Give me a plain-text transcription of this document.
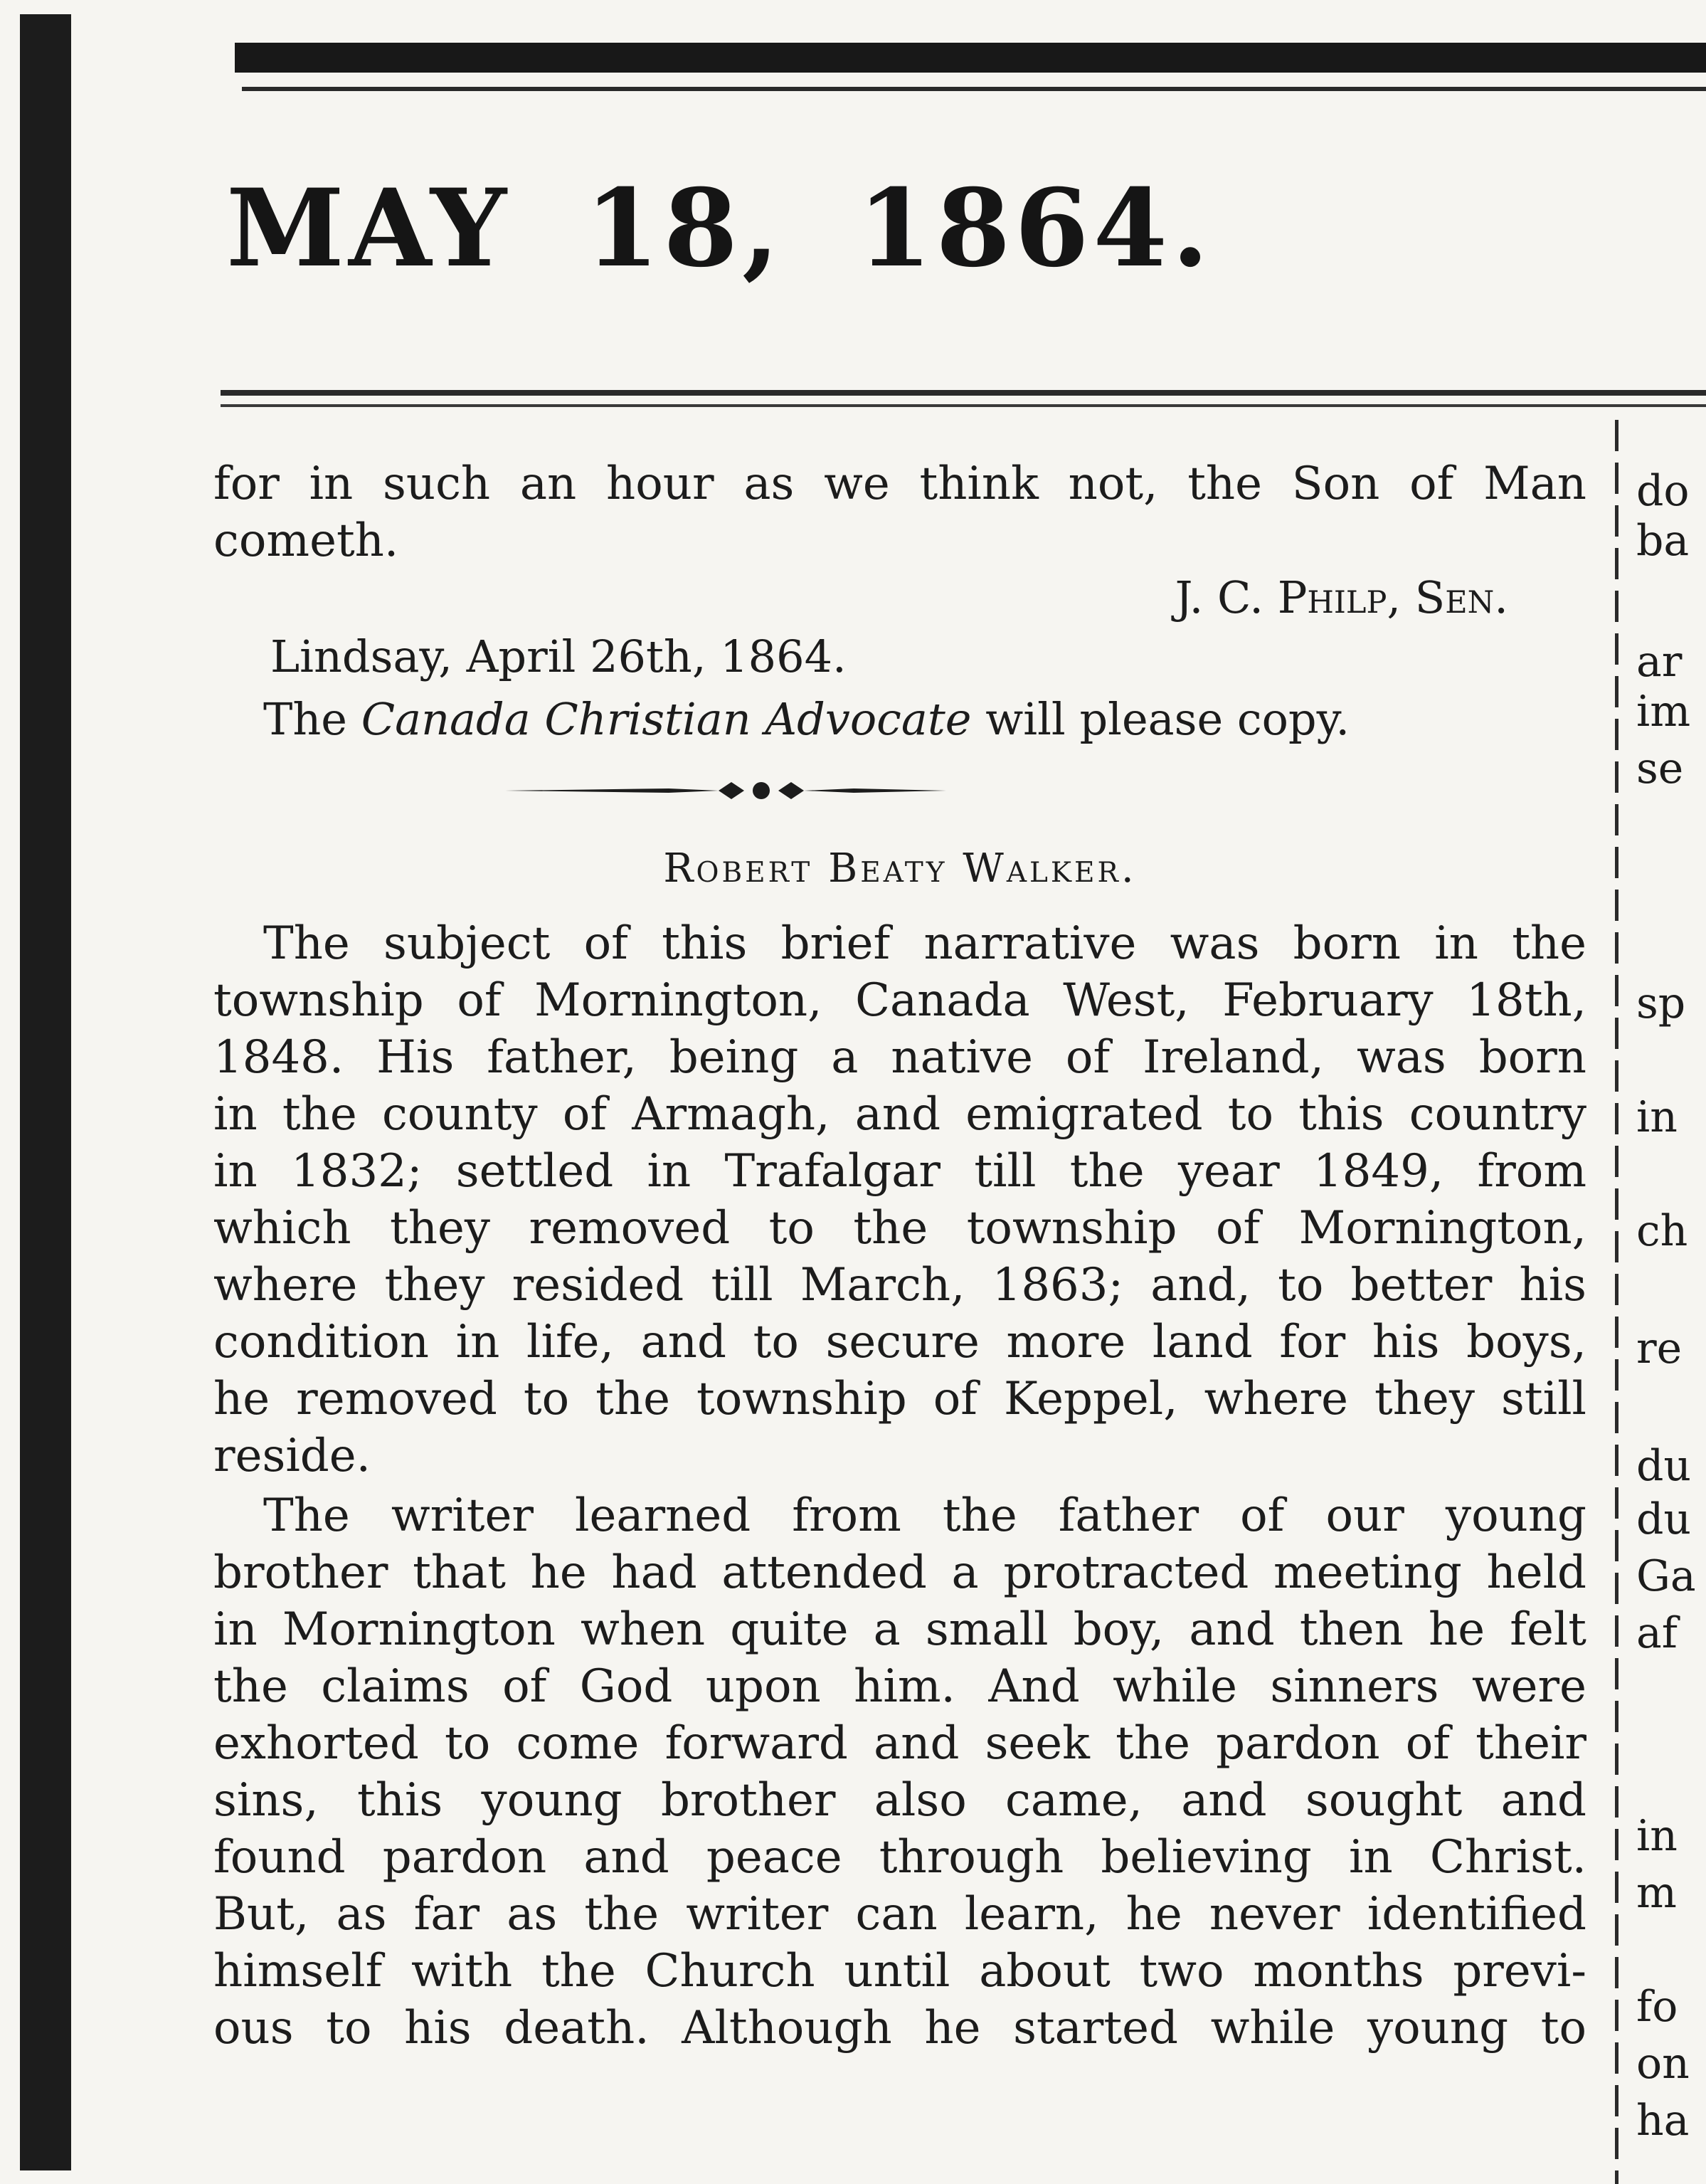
MAY 18, 1864.
for in such an hour as we think not, the Son of Man
cometh.
J. C. Philp, Sen.
Lindsay, April 26th, 1864.
The Canada Christian Advocate will please copy.
Robert Beaty Walker.
The subject of this brief narrative was born in the
township of Mornington, Canada West, February 18th,
1848. His father, being a native of Ireland, was born
in the county of Armagh, and emigrated to this country
in 1832; settled in Trafalgar till the year 1849, from
which they removed to the township of Mornington,
where they resided till March, 1863; and, to better his
condition in life, and to secure more land for his boys,
he removed to the township of Keppel, where they still
reside.
The writer learned from the father of our young
brother that he had attended a protracted meeting held
in Mornington when quite a small boy, and then he felt
the claims of God upon him. And while sinners were
exhorted to come forward and seek the pardon of their
sins, this young brother also came, and sought and
found pardon and peace through believing in Christ.
But, as far as the writer can learn, he never identified
himself with the Church until about two months previ-
ous to his death. Although he started while young to
do
ba
ar
im
se
sp
in
ch
re
du
du
Ga
af
in
m
fo
on
ha
